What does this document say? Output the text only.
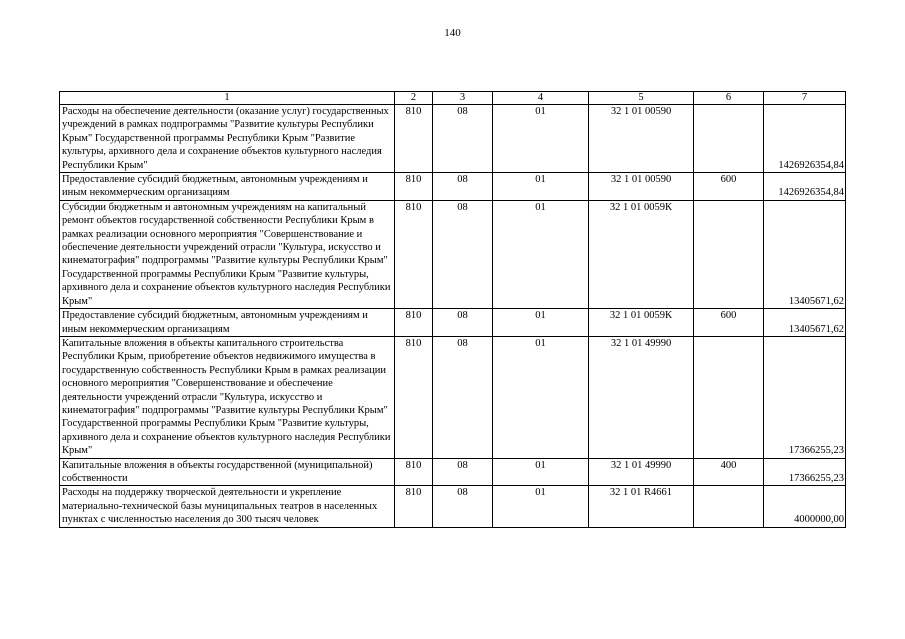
140
1	2	3	4	5	6	7
Расходы на обеспечение деятельности (оказание услуг) государственных учреждений в рамках подпрограммы "Развитие культуры Республики Крым" Государственной программы Республики Крым "Развитие культуры, архивного дела и сохранение объектов культурного наследия Республики Крым"	810	08	01	32 1 01 00590		1426926354,84

Предоставление субсидий бюджетным, автономным учреждениям и иным некоммерческим организациям	810	08	01	32 1 01 00590	600	1426926354,84

Субсидии бюджетным и автономным учреждениям на капитальный ремонт объектов государственной собственности Республики Крым в рамках реализации основного мероприятия "Совершенствование и обеспечение деятельности учреждений отрасли "Культура, искусство и кинематография" подпрограммы "Развитие культуры Республики Крым" Государственной программы Республики Крым "Развитие культуры, архивного дела и сохранение объектов культурного наследия Республики Крым"	810	08	01	32 1 01 0059К		13405671,62

Предоставление субсидий бюджетным, автономным учреждениям и иным некоммерческим организациям	810	08	01	32 1 01 0059К	600	13405671,62

Капитальные вложения в объекты капитального строительства Республики Крым, приобретение объектов недвижимого имущества в государственную собственность Республики Крым в рамках реализации основного мероприятия "Совершенствование и обеспечение деятельности учреждений отрасли "Культура, искусство и кинематография" подпрограммы "Развитие культуры Республики Крым" Государственной программы Республики Крым "Развитие культуры, архивного дела и сохранение объектов культурного наследия Республики Крым"	810	08	01	32 1 01 49990		17366255,23

Капитальные вложения в объекты государственной (муниципальной) собственности	810	08	01	32 1 01 49990	400	17366255,23

Расходы на поддержку творческой деятельности и укрепление материально-технической базы муниципальных театров в населенных пунктах с численностью населения до 300 тысяч человек	810	08	01	32 1 01 R4661		4000000,00
